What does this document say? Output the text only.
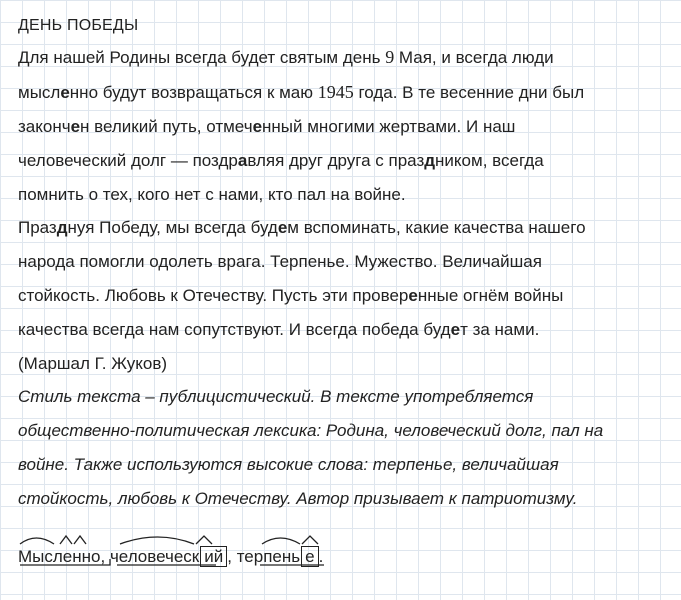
ДЕНЬ ПОБЕДЫ
Для нашей Родины всегда будет святым день 9 Мая, и всегда люди
мысленно будут возвращаться к маю 1945 года. В те весенние дни был
закончен великий путь, отмеченный многими жертвами. И наш
человеческий долг — поздравляя друг друга с праздником, всегда
помнить о тех, кого нет с нами, кто пал на войне.
Празднуя Победу, мы всегда будем вспоминать, какие качества нашего
народа помогли одолеть врага. Терпенье. Мужество. Величайшая
стойкость. Любовь к Отечеству. Пусть эти проверенные огнём войны
качества всегда нам сопутствуют. И всегда победа будет за нами.
(Маршал Г. Жуков)
Стиль текста – публицистический. В тексте употребляется
общественно-политическая лексика: Родина, человеческий долг, пал на
войне. Также используются высокие слова: терпенье, величайшая
стойкость, любовь к Отечеству. Автор призывает к патриотизму.
Мысленно, человеческ ий , терпень е .
